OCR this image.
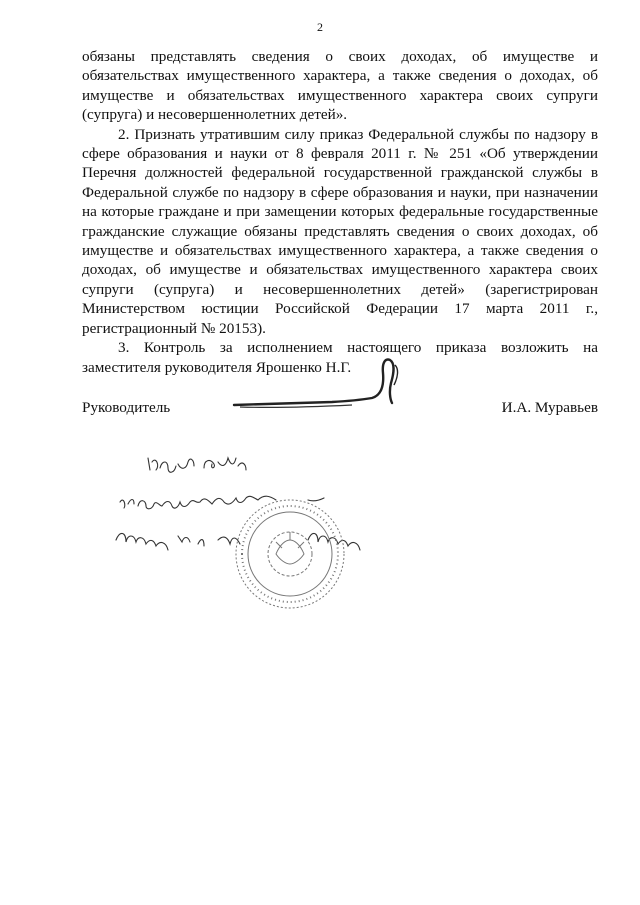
2

обязаны представлять сведения о своих доходах, об имуществе и обязательствах имущественного характера, а также сведения о доходах, об имуществе и обязательствах имущественного характера своих супруги (супруга) и несовершеннолетних детей».

2. Признать утратившим силу приказ Федеральной службы по надзору в сфере образования и науки от 8 февраля 2011 г. № 251 «Об утверждении Перечня должностей федеральной государственной гражданской службы в Федеральной службе по надзору в сфере образования и науки, при назначении на которые граждане и при замещении которых федеральные государственные гражданские служащие обязаны представлять сведения о своих доходах, об имуществе и обязательствах имущественного характера, а также сведения о доходах, об имуществе и обязательствах имущественного характера своих супруги (супруга) и несовершеннолетних детей» (зарегистрирован Министерством юстиции Российской Федерации 17 марта 2011 г., регистрационный № 20153).

3. Контроль за исполнением настоящего приказа возложить на заместителя руководителя Ярошенко Н.Г.

Руководитель	И.А. Муравьев
